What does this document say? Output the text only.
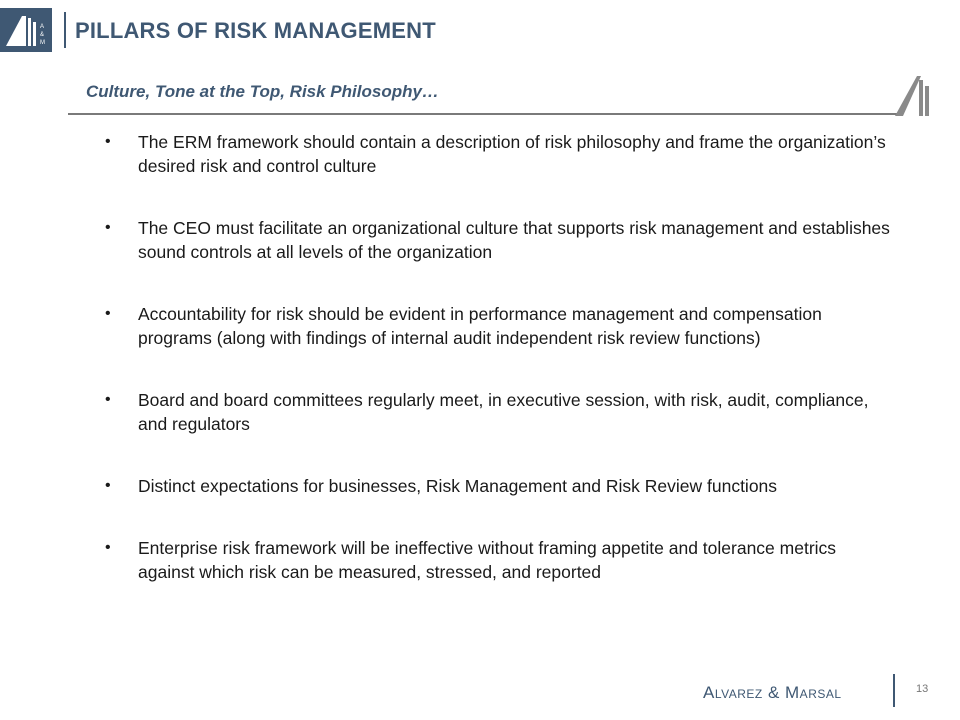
A
&
M PILLARS OF RISK MANAGEMENT
Culture, Tone at the Top, Risk Philosophy…
•	The ERM framework should contain a description of risk philosophy and frame the organization’s desired risk and control culture
•	The CEO must facilitate an organizational culture that supports risk management and establishes sound controls at all levels of the organization
•	Accountability for risk should be evident in performance management and compensation programs (along with findings of internal audit independent risk review functions)
•	Board and board committees regularly meet, in executive session, with risk, audit, compliance, and regulators
•	Distinct expectations for businesses, Risk Management and Risk Review functions
•	Enterprise risk framework will be ineffective without framing appetite and tolerance metrics against which risk can be measured, stressed, and reported
Alvarez & Marsal	13
